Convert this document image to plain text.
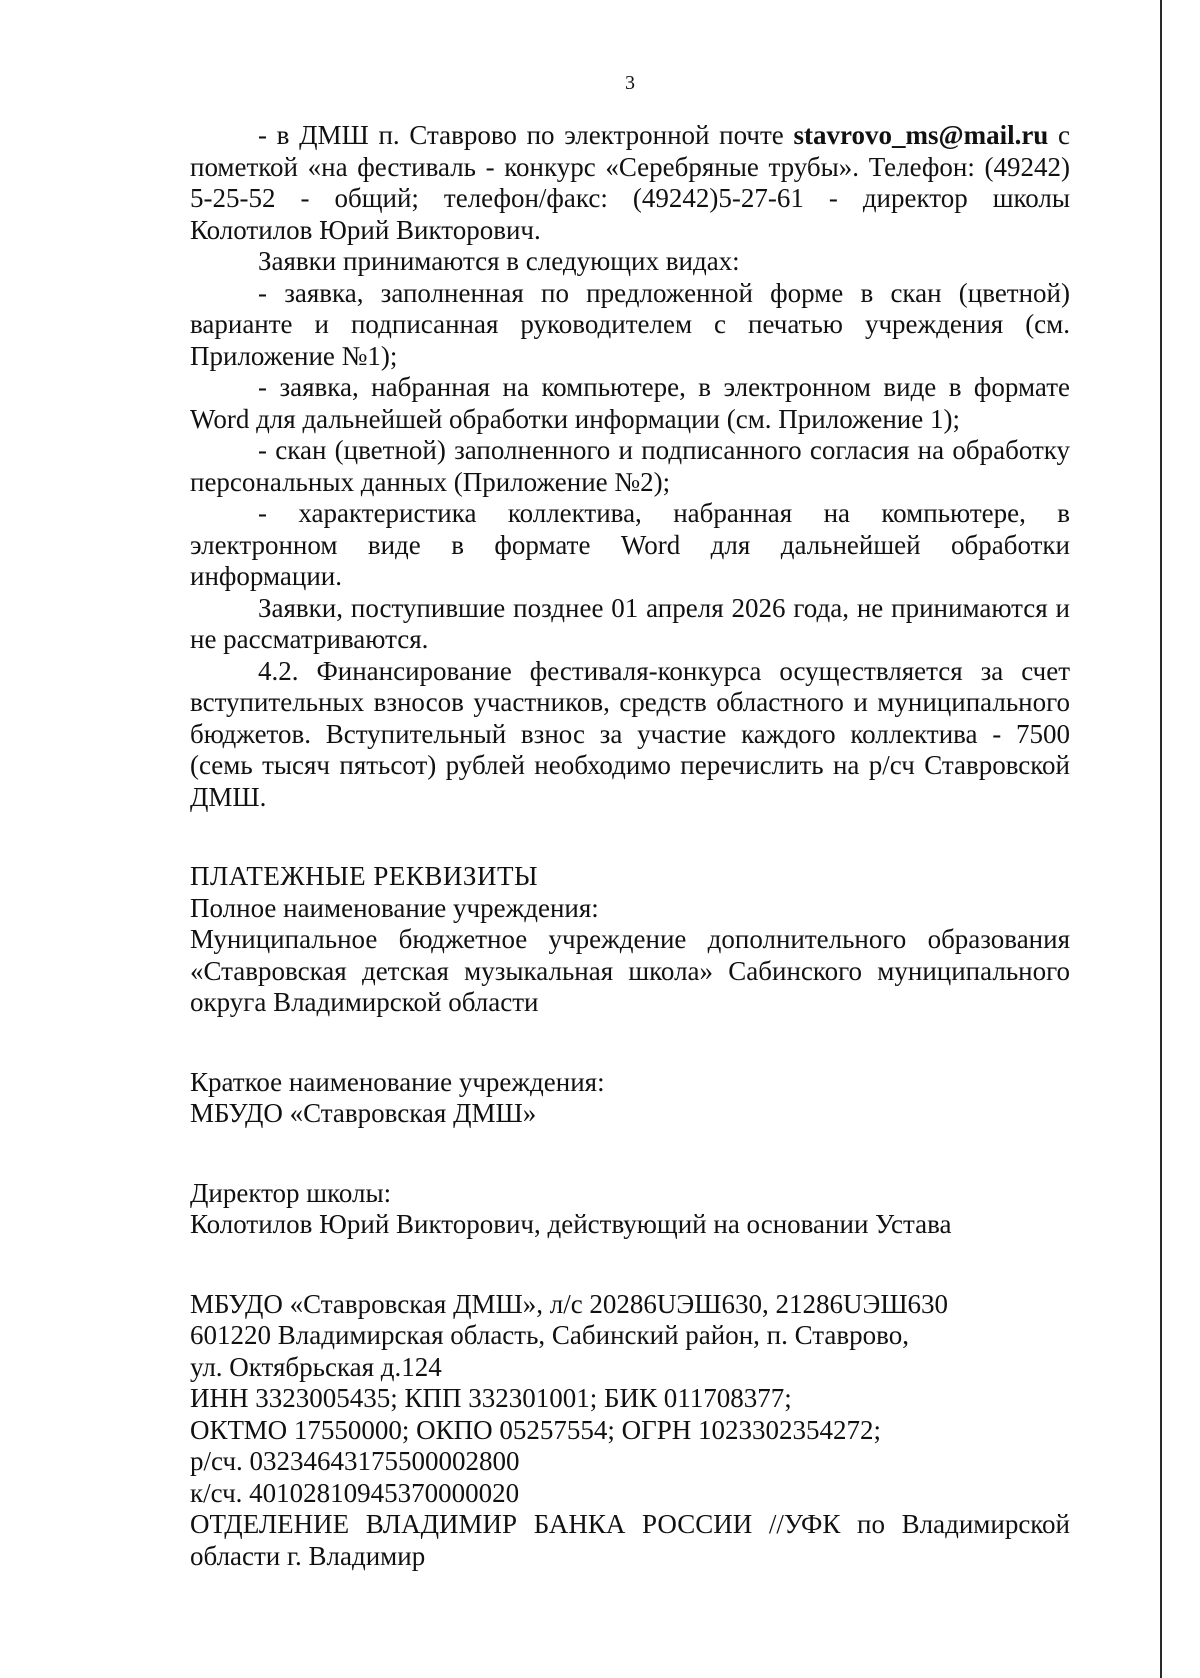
3

- в ДМШ п. Ставрово по электронной почте stavrovo_ms@mail.ru с пометкой «на фестиваль - конкурс «Серебряные трубы». Телефон: (49242) 5-25-52 - общий; телефон/факс: (49242)5-27-61 - директор школы Колотилов Юрий Викторович.

Заявки принимаются в следующих видах:

- заявка, заполненная по предложенной форме в скан (цветной) варианте и подписанная руководителем с печатью учреждения (см. Приложение №1);

- заявка, набранная на компьютере, в электронном виде в формате Word для дальнейшей обработки информации (см. Приложение 1);

- скан (цветной) заполненного и подписанного согласия на обработку персональных данных (Приложение №2);

- характеристика коллектива, набранная на компьютере, в электронном виде в формате Word для дальнейшей обработки информации.

Заявки, поступившие позднее 01 апреля 2026 года, не принимаются и не рассматриваются.

4.2. Финансирование фестиваля-конкурса осуществляется за счет вступительных взносов участников, средств областного и муниципального бюджетов. Вступительный взнос за участие каждого коллектива - 7500 (семь тысяч пятьсот) рублей необходимо перечислить на р/сч Ставровской ДМШ.

ПЛАТЕЖНЫЕ РЕКВИЗИТЫ

Полное наименование учреждения:

Муниципальное бюджетное учреждение дополнительного образования «Ставровская детская музыкальная школа» Сабинского муниципального округа Владимирской области

Краткое наименование учреждения:

МБУДО «Ставровская ДМШ»

Директор школы:

Колотилов Юрий Викторович, действующий на основании Устава

МБУДО «Ставровская ДМШ», л/с 20286UЭШ630, 21286UЭШ630

601220 Владимирская область, Сабинский район, п. Ставрово,

ул. Октябрьская д.124

ИНН 3323005435; КПП 332301001; БИК 011708377;

ОКТМО 17550000; ОКПО 05257554; ОГРН 1023302354272;

р/сч. 03234643175500002800

к/сч. 40102810945370000020

ОТДЕЛЕНИЕ ВЛАДИМИР БАНКА РОССИИ //УФК по Владимирской области г. Владимир
